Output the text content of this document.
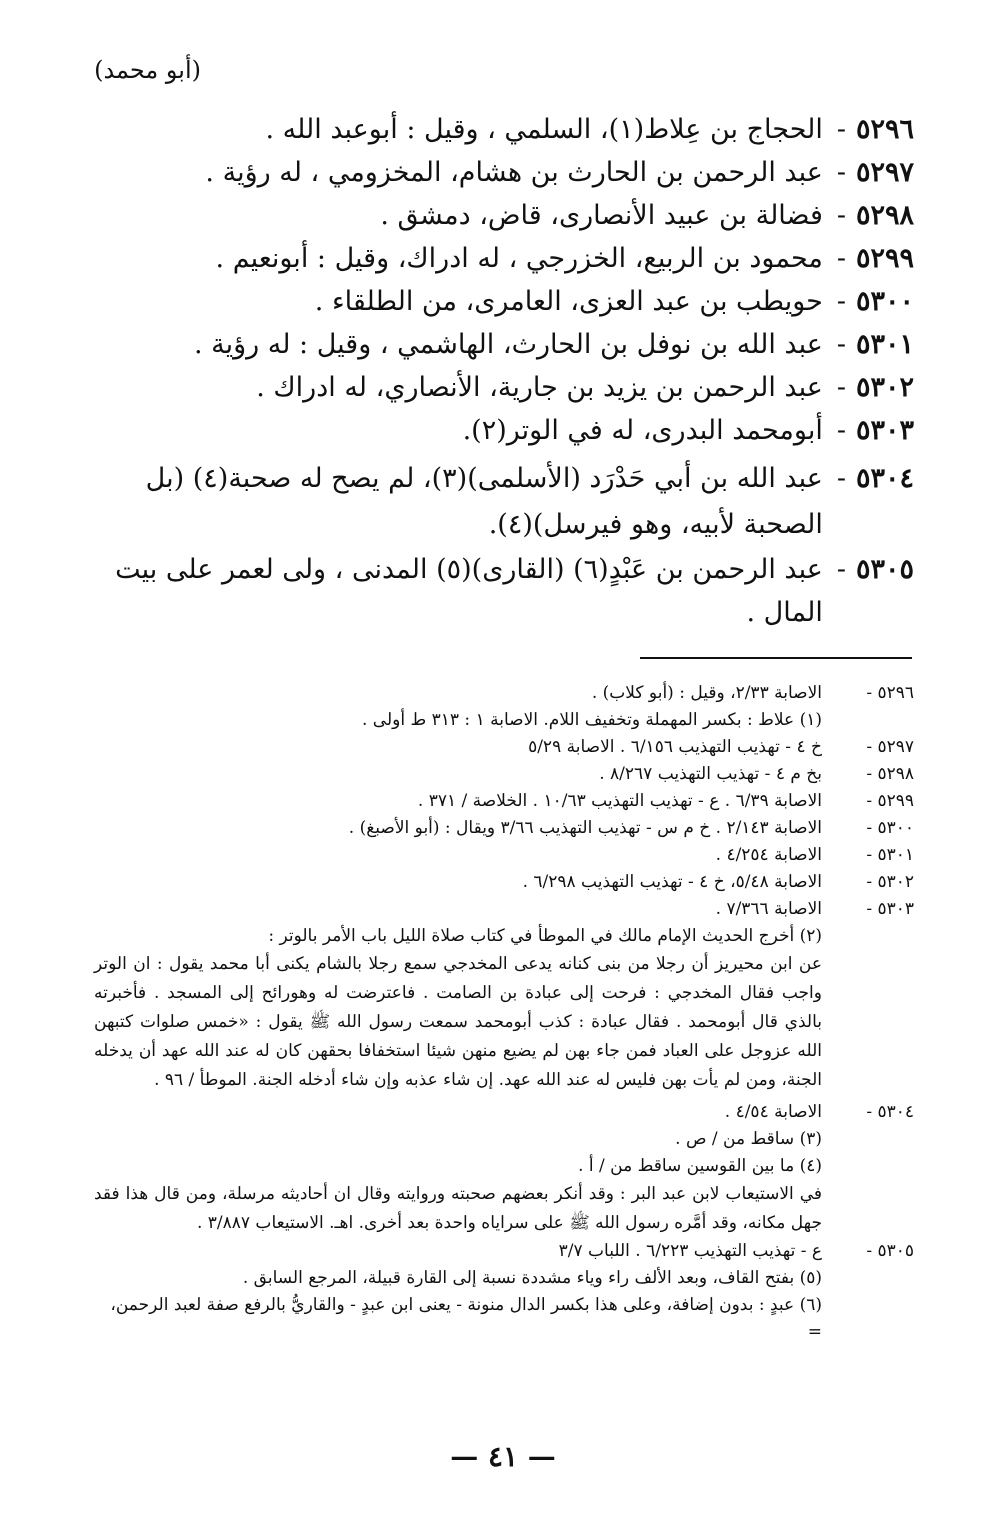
(أبو محمد)
٥٢٩٦
-
الحجاج بن عِلاط(١)، السلمي ، وقيل : أبوعبد الله .
٥٢٩٧
-
عبد الرحمن بن الحارث بن هشام، المخزومي ، له رؤية .
٥٢٩٨
-
فضالة بن عبيد الأنصارى، قاض، دمشق .
٥٢٩٩
-
محمود بن الربيع، الخزرجي ، له ادراك، وقيل : أبونعيم .
٥٣٠٠
-
حويطب بن عبد العزى، العامرى، من الطلقاء .
٥٣٠١
-
عبد الله بن نوفل بن الحارث، الهاشمي ، وقيل : له رؤية .
٥٣٠٢
-
عبد الرحمن بن يزيد بن جارية، الأنصاري، له ادراك .
٥٣٠٣
-
أبومحمد البدرى، له في الوتر(٢).
٥٣٠٤
-
عبد الله بن أبي حَدْرَد (الأسلمى)(٣)، لم يصح له صحبة(٤) (بل الصحبة لأبيه، وهو فيرسل)(٤).
٥٣٠٥
-
عبد الرحمن بن عَبْدٍ(٦) (القارى)(٥) المدنى ، ولى لعمر على بيت المال .
٥٢٩٦ -
الاصابة ٢/٣٣، وقيل : (أبو كلاب) .
(١) علاط : بكسر المهملة وتخفيف اللام. الاصابة ١ : ٣١٣ ط أولى .
٥٢٩٧ -
خ ٤ - تهذيب التهذيب ٦/١٥٦ . الاصابة ٥/٢٩
٥٢٩٨ -
بخ م ٤ - تهذيب التهذيب ٨/٢٦٧ .
٥٢٩٩ -
الاصابة ٦/٣٩ . ع - تهذيب التهذيب ١٠/٦٣ . الخلاصة / ٣٧١ .
٥٣٠٠ -
الاصابة ٢/١٤٣ . خ م س - تهذيب التهذيب ٣/٦٦ ويقال : (أبو الأصبغ) .
٥٣٠١ -
الاصابة ٤/٢٥٤ .
٥٣٠٢ -
الاصابة ٥/٤٨، خ ٤ - تهذيب التهذيب ٦/٢٩٨ .
٥٣٠٣ -
الاصابة ٧/٣٦٦ .
(٢) أخرج الحديث الإمام مالك في الموطأ في كتاب صلاة الليل باب الأمر بالوتر :
عن ابن محيريز أن رجلا من بنى كنانه يدعى المخدجي سمع رجلا بالشام يكنى أبا محمد يقول : ان الوتر واجب فقال المخدجي : فرحت إلى عبادة بن الصامت . فاعترضت له وهورائح إلى المسجد . فأخبرته بالذي قال أبومحمد . فقال عبادة : كذب أبومحمد سمعت رسول الله ﷺ يقول : «خمس صلوات كتبهن الله عزوجل على العباد فمن جاء بهن لم يضيع منهن شيئا استخفافا بحقهن كان له عند الله عهد أن يدخله الجنة، ومن لم يأت بهن فليس له عند الله عهد. إن شاء عذبه وإن شاء أدخله الجنة. الموطأ / ٩٦ .
٥٣٠٤ -
الاصابة ٤/٥٤ .
(٣) ساقط من / ص .
(٤) ما بين القوسين ساقط من / أ .
في الاستيعاب لابن عبد البر : وقد أنكر بعضهم صحبته وروايته وقال ان أحاديثه مرسلة، ومن قال هذا فقد جهل مكانه، وقد أمَّره رسول الله ﷺ على سراياه واحدة بعد أخرى. اهـ. الاستيعاب ٣/٨٨٧ .
٥٣٠٥ -
ع - تهذيب التهذيب ٦/٢٢٣ . اللباب ٣/٧
(٥) بفتح القاف، وبعد الألف راء وياء مشددة نسبة إلى القارة قبيلة، المرجع السابق .
(٦) عبدٍ : بدون إضافة، وعلى هذا بكسر الدال منونة - يعنى ابن عبدٍ - والقاريُّ بالرفع صفة لعبد الرحمن، =
— ٤١ —
